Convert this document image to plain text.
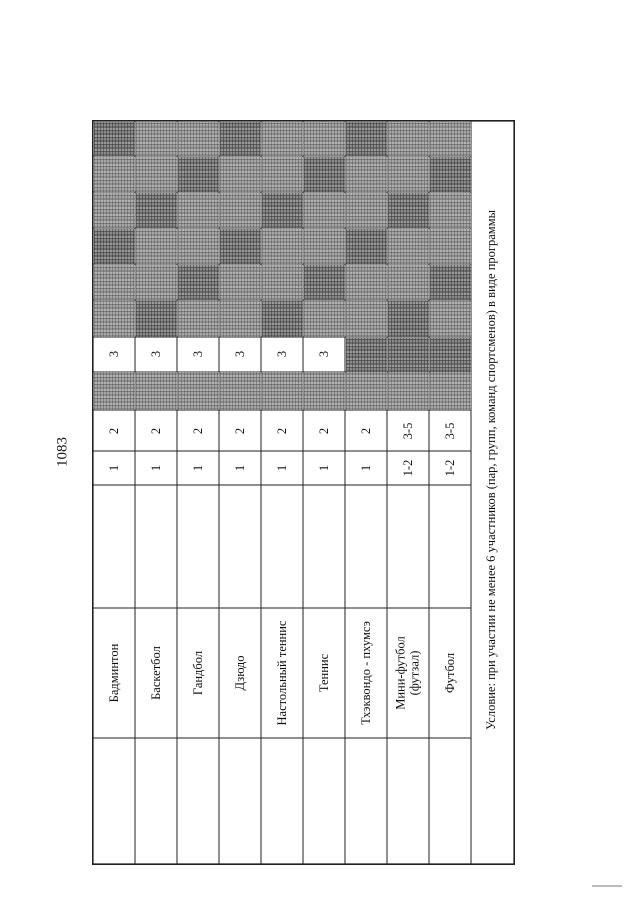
1083
Бадминтон
1
2
3
Баскетбол
1
2
3
Гандбол
1
2
3
Дзюдо
1
2
3
Настольный теннис
1
2
3
Теннис
1
2
3
Тхэквондо - пхумсэ
1
2
Мини-футбол (футзал)
1-2
3-5
Футбол
1-2
3-5 Условие: при участии не менее 6 участников (пар, групп, команд спортсменов) в виде программы
